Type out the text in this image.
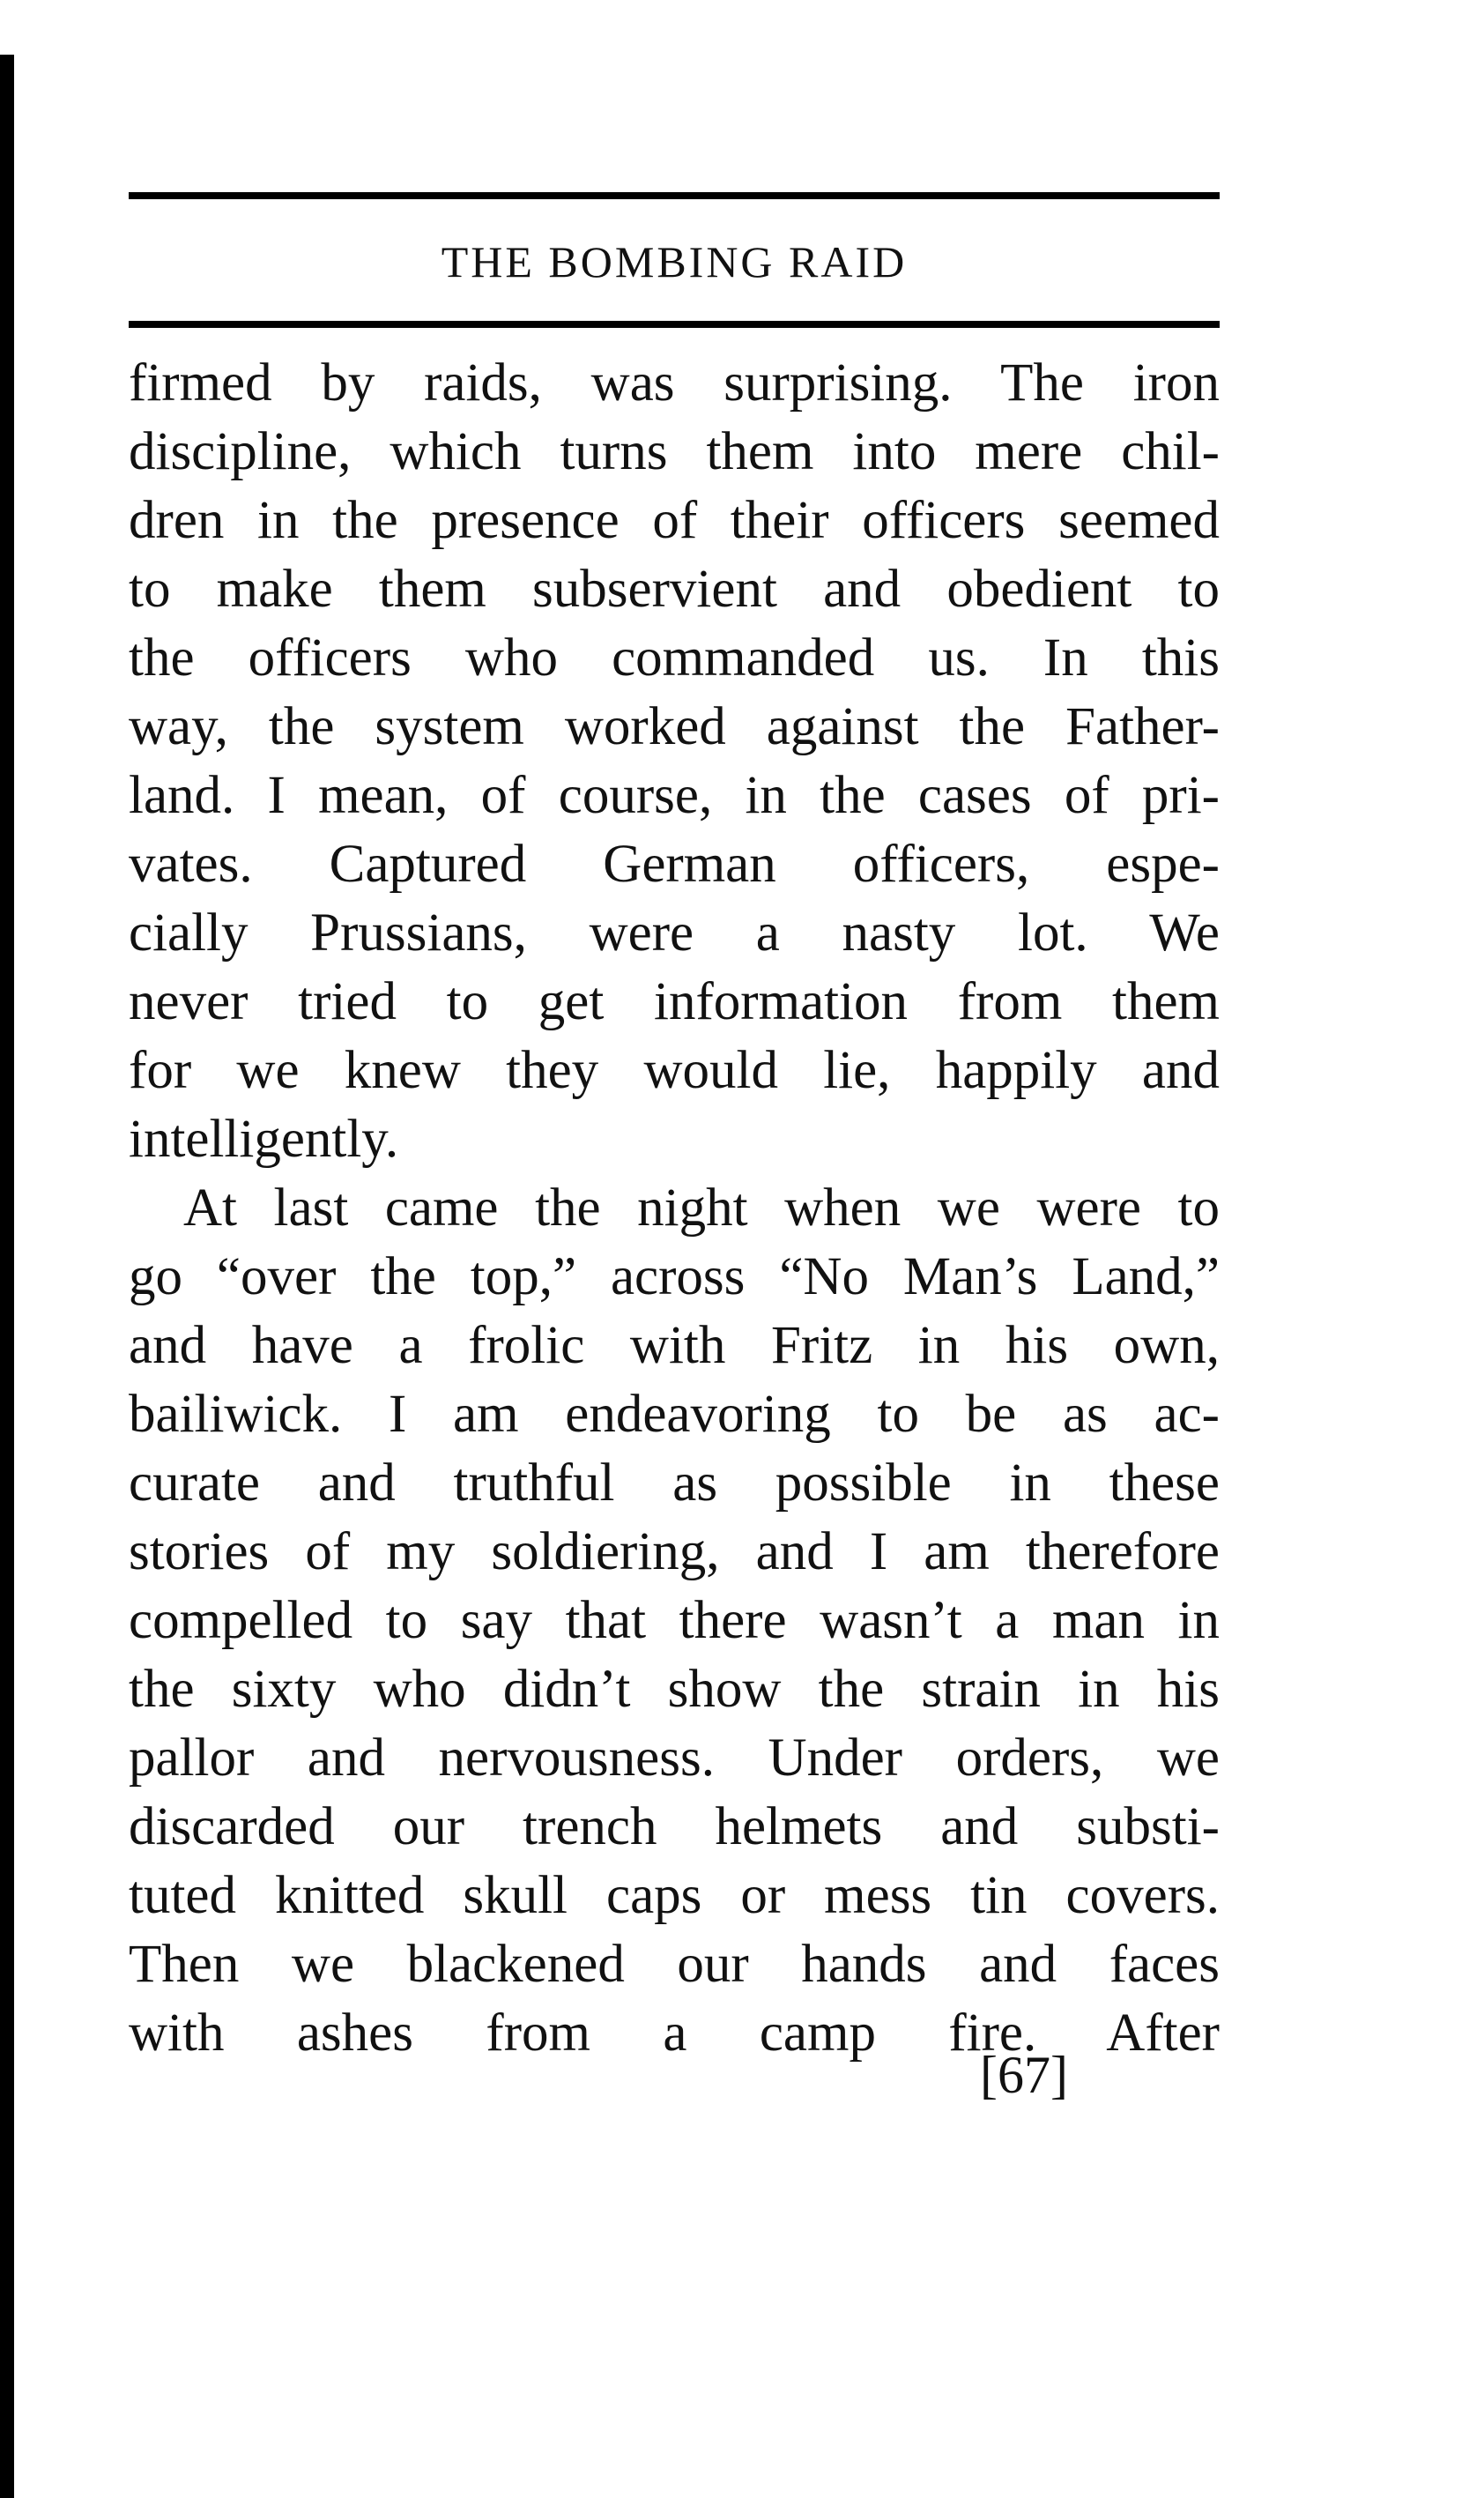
THE BOMBING RAID
firmed by raids, was surprising. The iron
discipline, which turns them into mere chil-
dren in the presence of their officers seemed
to make them subservient and obedient to
the officers who commanded us. In this
way, the system worked against the Father-
land. I mean, of course, in the cases of pri-
vates. Captured German officers, espe-
cially Prussians, were a nasty lot. We
never tried to get information from them
for we knew they would lie, happily and
intelligently.
At last came the night when we were to
go “over the top,” across “No Man’s Land,”
and have a frolic with Fritz in his own,
bailiwick. I am endeavoring to be as ac-
curate and truthful as possible in these
stories of my soldiering, and I am therefore
compelled to say that there wasn’t a man in
the sixty who didn’t show the strain in his
pallor and nervousness. Under orders, we
discarded our trench helmets and substi-
tuted knitted skull caps or mess tin covers.
Then we blackened our hands and faces
with ashes from a camp fire. After
[67]
